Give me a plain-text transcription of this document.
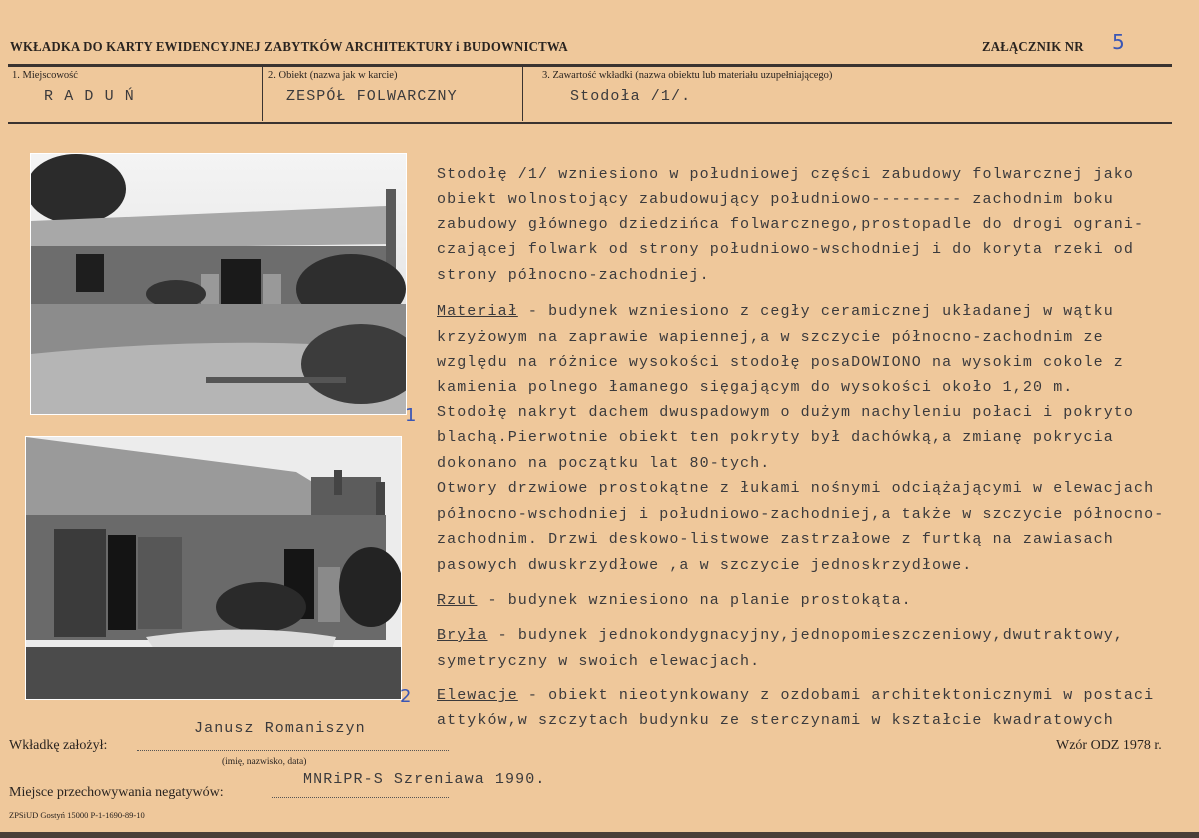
WKŁADKA DO KARTY EWIDENCYJNEJ ZABYTKÓW ARCHITEKTURY i BUDOWNICTWA	ZAŁĄCZNIK NR 5
1. Miejscowość
R A D U Ń
2. Obiekt (nazwa jak w karcie)
ZESPÓŁ FOLWARCZNY
3. Zawartość wkładki (nazwa obiektu lub materiału uzupełniającego)
Stodoła /1/.
1
2
Stodołę /1/ wzniesiono w południowej części zabudowy folwarcznej jako
obiekt wolnostojący zabudowujący południowo--------- zachodnim boku
zabudowy głównego dziedzińca folwarcznego,prostopadle do drogi ograni-
czającej folwark od strony południowo-wschodniej i do koryta rzeki od
strony północno-zachodniej.
Materiał - budynek wzniesiono z cegły ceramicznej układanej w wątku
krzyżowym na zaprawie wapiennej,a w szczycie północno-zachodnim ze
względu na różnice wysokości stodołę posaDOWIONO na wysokim cokole z
kamienia polnego łamanego sięgającym do wysokości około 1,20 m.
Stodołę nakryt dachem dwuspadowym o dużym nachyleniu połaci i pokryto
blachą.Pierwotnie obiekt ten pokryty był dachówką,a zmianę pokrycia
dokonano na początku lat 80-tych.
Otwory drzwiowe prostokątne z łukami nośnymi odciążającymi w elewacjach
północno-wschodniej i południowo-zachodniej,a także w szczycie północno-
zachodnim. Drzwi deskowo-listwowe zastrzałowe z furtką na zawiasach
pasowych dwuskrzydłowe ,a w szczycie jednoskrzydłowe.
Rzut - budynek wzniesiono na planie prostokąta.
Bryła - budynek jednokondygnacyjny,jednopomieszczeniowy,dwutraktowy,
symetryczny w swoich elewacjach.
Elewacje - obiekt nieotynkowany z ozdobami architektonicznymi w postaci
attyków,w szczytach budynku ze sterczynami w kształcie kwadratowych
Janusz Romaniszyn
Wkładkę założył:
(imię, nazwisko, data)
Wzór ODZ 1978 r.
MNRiPR-S Szreniawa 1990.
Miejsce przechowywania negatywów:
ZPSiUD Gostyń 15000 P-1-1690-89-10
